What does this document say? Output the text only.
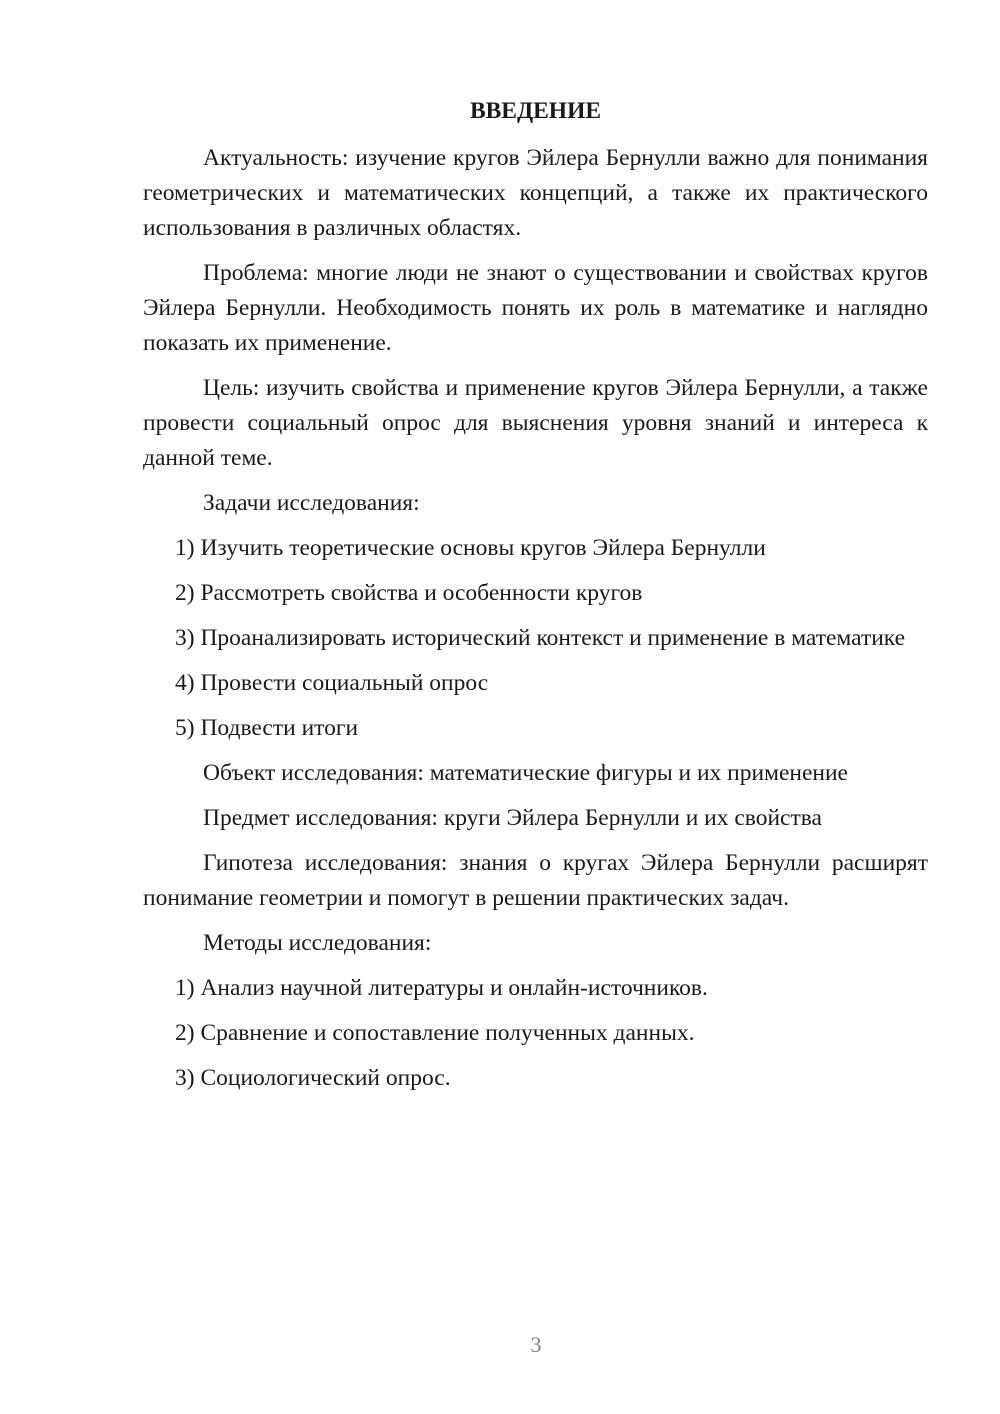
ВВЕДЕНИЕ

Актуальность: изучение кругов Эйлера Бернулли важно для понимания геометрических и математических концепций, а также их практического использования в различных областях.

Проблема: многие люди не знают о существовании и свойствах кругов Эйлера Бернулли. Необходимость понять их роль в математике и наглядно показать их применение.

Цель: изучить свойства и применение кругов Эйлера Бернулли, а также провести социальный опрос для выяснения уровня знаний и интереса к данной теме.

Задачи исследования:

1) Изучить теоретические основы кругов Эйлера Бернулли

2) Рассмотреть свойства и особенности кругов

3) Проанализировать исторический контекст и применение в математике

4) Провести социальный опрос

5) Подвести итоги

Объект исследования: математические фигуры и их применение

Предмет исследования: круги Эйлера Бернулли и их свойства

Гипотеза исследования: знания о кругах Эйлера Бернулли расширят понимание геометрии и помогут в решении практических задач.

Методы исследования:

1) Анализ научной литературы и онлайн-источников.

2) Сравнение и сопоставление полученных данных.

3) Социологический опрос.

3
